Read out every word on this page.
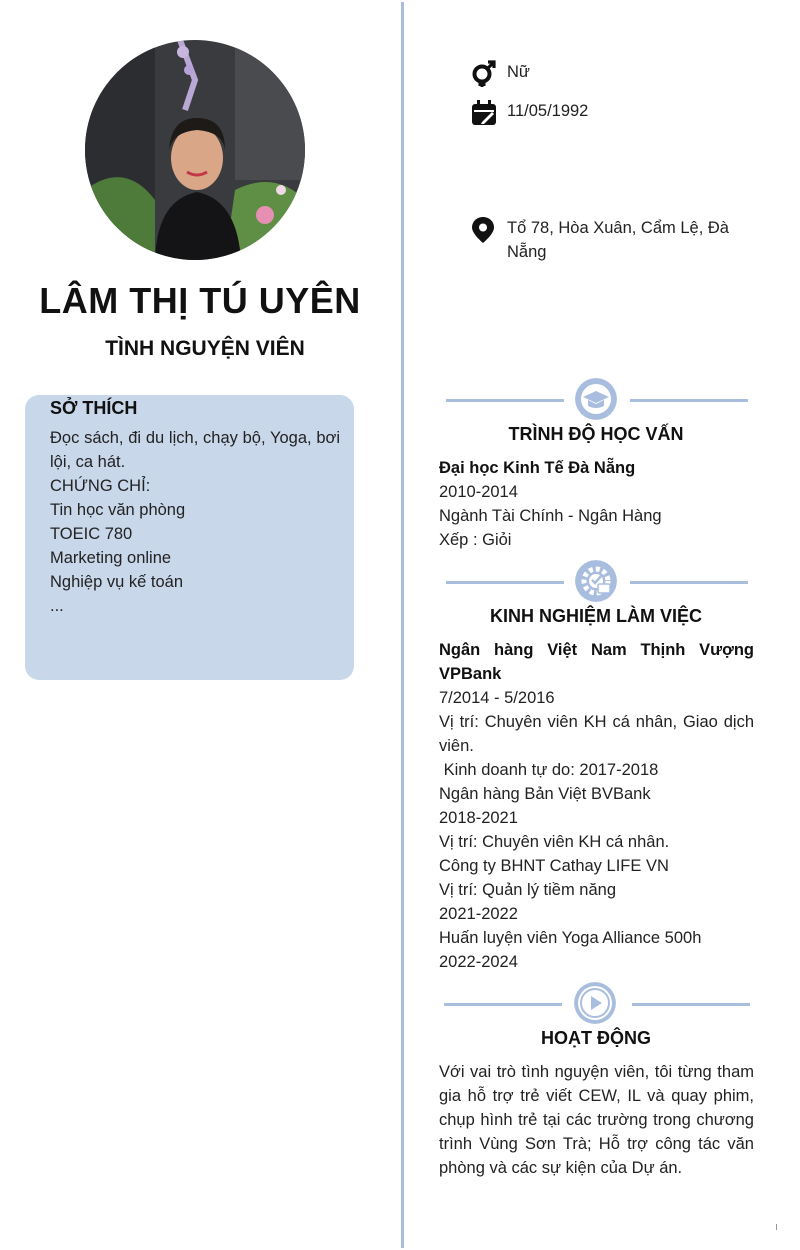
LÂM THỊ TÚ UYÊN
TÌNH NGUYỆN VIÊN
SỞ THÍCH
Đọc sách, đi du lịch, chạy bộ, Yoga, bơi lội, ca hát.
CHỨNG CHỈ:
Tin học văn phòng
TOEIC 780
Marketing online
Nghiệp vụ kế toán
...
Nữ
11/05/1992
Tổ 78, Hòa Xuân, Cẩm Lệ, Đà Nẵng
TRÌNH ĐỘ HỌC VẤN
Đại học Kinh Tế Đà Nẵng
2010-2014
Ngành Tài Chính - Ngân Hàng
Xếp : Giỏi
KINH NGHIỆM LÀM VIỆC
Ngân hàng Việt Nam Thịnh Vượng VPBank
7/2014 - 5/2016
Vị trí: Chuyên viên KH cá nhân, Giao dịch viên.
Kinh doanh tự do: 2017-2018
Ngân hàng Bản Việt BVBank
2018-2021
Vị trí: Chuyên viên KH cá nhân.
Công ty BHNT Cathay LIFE VN
Vị trí: Quản lý tiềm năng
2021-2022
Huấn luyện viên Yoga Alliance 500h
2022-2024
HOẠT ĐỘNG
Với vai trò tình nguyện viên, tôi từng tham gia hỗ trợ trẻ viết CEW, IL và quay phim, chụp hình trẻ tại các trường trong chương trình Vùng Sơn Trà; Hỗ trợ công tác văn phòng và các sự kiện của Dự án.
